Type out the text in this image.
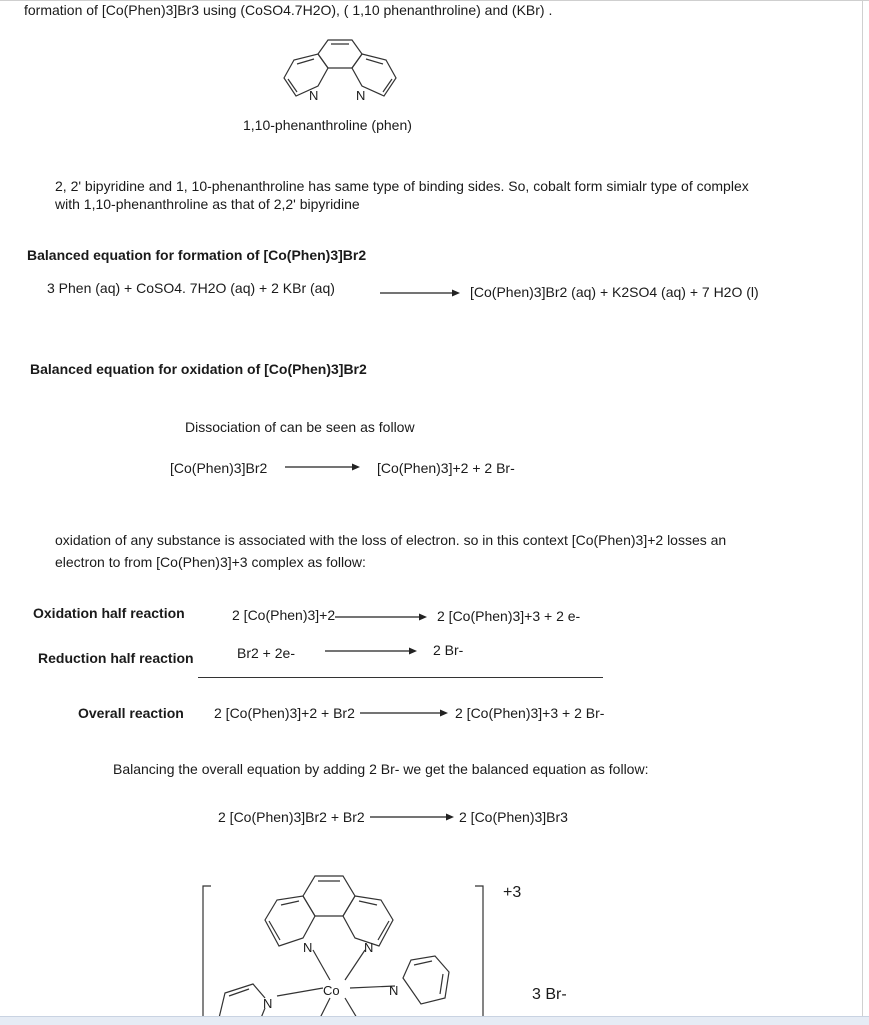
formation of [Co(Phen)3]Br3 using (CoSO4.7H2O), ( 1,10 phenanthroline) and (KBr) .
N	N
1,10-phenanthroline (phen)
2, 2' bipyridine and 1, 10-phenanthroline has same type of binding sides. So, cobalt form simialr type of complex
with 1,10-phenanthroline as that of 2,2' bipyridine
Balanced equation for formation of [Co(Phen)3]Br2
3 Phen (aq) + CoSO4. 7H2O (aq) + 2 KBr (aq)	[Co(Phen)3]Br2 (aq) + K2SO4 (aq) + 7 H2O (l)
Balanced equation for oxidation of [Co(Phen)3]Br2
Dissociation of can be seen as follow
[Co(Phen)3]Br2	[Co(Phen)3]+2 + 2 Br-
oxidation of any substance is associated with the loss of electron. so in this context [Co(Phen)3]+2 losses an
electron to from [Co(Phen)3]+3 complex as follow:
Oxidation half reaction	2 [Co(Phen)3]+2	2 [Co(Phen)3]+3 + 2 e-
Reduction half reaction	Br2 + 2e-	2 Br-
Overall reaction 2 [Co(Phen)3]+2 + Br2	2 [Co(Phen)3]+3 + 2 Br-
Balancing the overall equation by adding 2 Br- we get the balanced equation as follow:
2 [Co(Phen)3]Br2 + Br2	2 [Co(Phen)3]Br3
N	N
Co
N
N
+3
3 Br-
